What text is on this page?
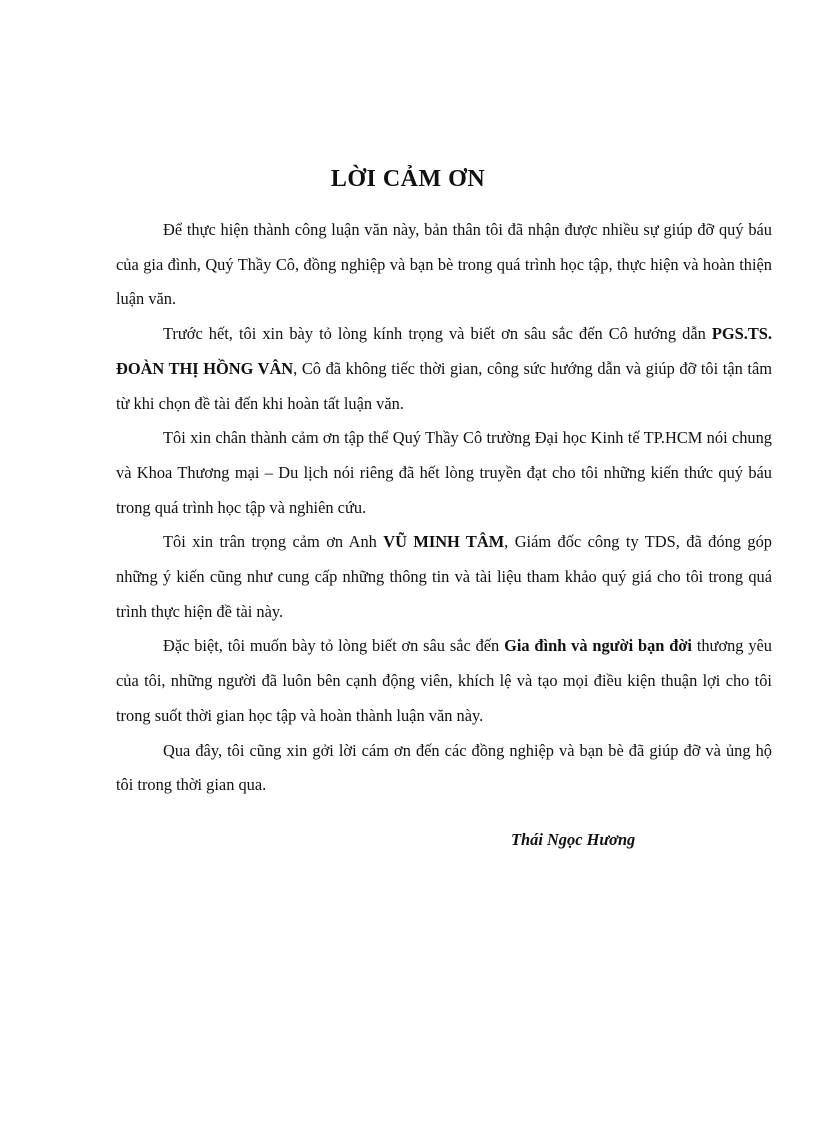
LỜI CẢM ƠN

Để thực hiện thành công luận văn này, bản thân tôi đã nhận được nhiều sự giúp đỡ quý báu của gia đình, Quý Thầy Cô, đồng nghiệp và bạn bè trong quá trình học tập, thực hiện và hoàn thiện luận văn.

Trước hết, tôi xin bày tỏ lòng kính trọng và biết ơn sâu sắc đến Cô hướng dẫn PGS.TS. ĐOÀN THỊ HỒNG VÂN, Cô đã không tiếc thời gian, công sức hướng dẫn và giúp đỡ tôi tận tâm từ khi chọn đề tài đến khi hoàn tất luận văn.

Tôi xin chân thành cảm ơn tập thể Quý Thầy Cô trường Đại học Kinh tế TP.HCM nói chung và Khoa Thương mại – Du lịch nói riêng đã hết lòng truyền đạt cho tôi những kiến thức quý báu trong quá trình học tập và nghiên cứu.

Tôi xin trân trọng cảm ơn Anh VŨ MINH TÂM, Giám đốc công ty TDS, đã đóng góp những ý kiến cũng như cung cấp những thông tin và tài liệu tham khảo quý giá cho tôi trong quá trình thực hiện đề tài này.

Đặc biệt, tôi muốn bày tỏ lòng biết ơn sâu sắc đến Gia đình và người bạn đời thương yêu của tôi, những người đã luôn bên cạnh động viên, khích lệ và tạo mọi điều kiện thuận lợi cho tôi trong suốt thời gian học tập và hoàn thành luận văn này.

Qua đây, tôi cũng xin gởi lời cám ơn đến các đồng nghiệp và bạn bè đã giúp đỡ và ủng hộ tôi trong thời gian qua.

Thái Ngọc Hương
